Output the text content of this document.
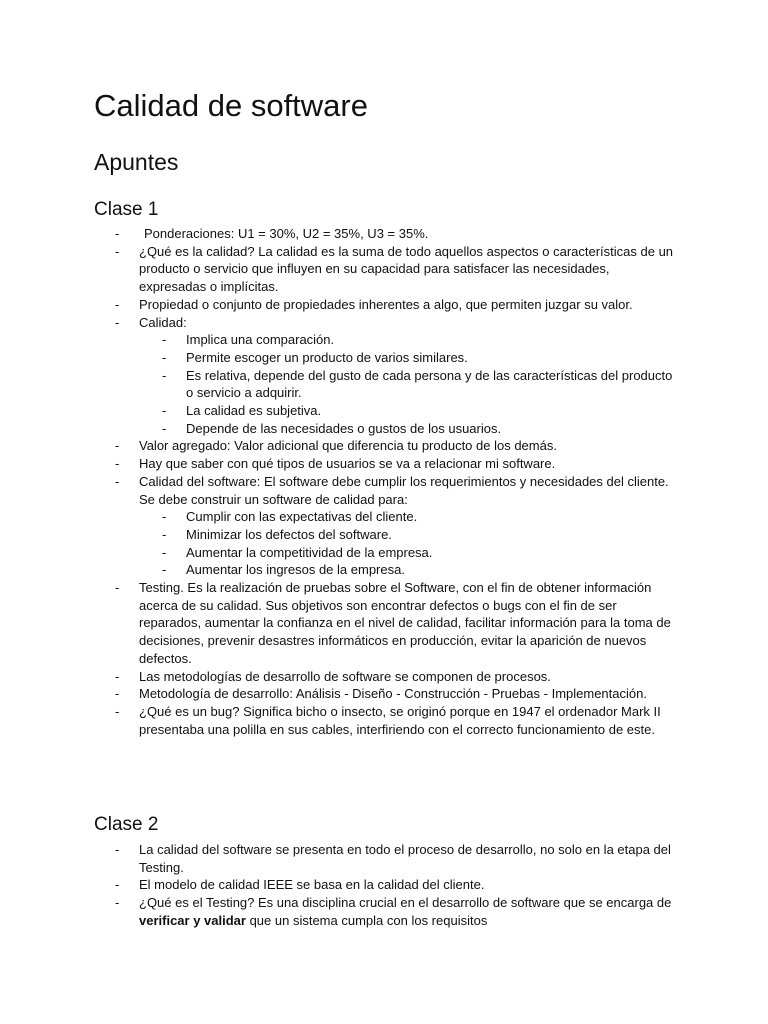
Calidad de software
Apuntes
Clase 1
-	Ponderaciones: U1 = 30%, U2 = 35%, U3 = 35%.
- ¿Qué es la calidad? La calidad es la suma de todo aquellos aspectos o características de un producto o servicio que influyen en su capacidad para satisfacer las necesidades, expresadas o implícitas.
- Propiedad o conjunto de propiedades inherentes a algo, que permiten juzgar su valor.
- Calidad:
- Implica una comparación.
- Permite escoger un producto de varios similares.
- Es relativa, depende del gusto de cada persona y de las características del producto o servicio a adquirir.
- La calidad es subjetiva.
- Depende de las necesidades o gustos de los usuarios.
- Valor agregado: Valor adicional que diferencia tu producto de los demás.
- Hay que saber con qué tipos de usuarios se va a relacionar mi software.
- Calidad del software: El software debe cumplir los requerimientos y necesidades del cliente. Se debe construir un software de calidad para:
- Cumplir con las expectativas del cliente.
- Minimizar los defectos del software.
- Aumentar la competitividad de la empresa.
- Aumentar los ingresos de la empresa.
- Testing. Es la realización de pruebas sobre el Software, con el fin de obtener información acerca de su calidad. Sus objetivos son encontrar defectos o bugs con el fin de ser reparados, aumentar la confianza en el nivel de calidad, facilitar información para la toma de decisiones, prevenir desastres informáticos en producción, evitar la aparición de nuevos defectos.
- Las metodologías de desarrollo de software se componen de procesos.
- Metodología de desarrollo: Análisis - Diseño - Construcción - Pruebas - Implementación.
- ¿Qué es un bug? Significa bicho o insecto, se originó porque en 1947 el ordenador Mark II presentaba una polilla en sus cables, interfiriendo con el correcto funcionamiento de este.
Clase 2
- La calidad del software se presenta en todo el proceso de desarrollo, no solo en la etapa del Testing.
- El modelo de calidad IEEE se basa en la calidad del cliente.
- ¿Qué es el Testing? Es una disciplina crucial en el desarrollo de software que se encarga de verificar y validar que un sistema cumpla con los requisitos
